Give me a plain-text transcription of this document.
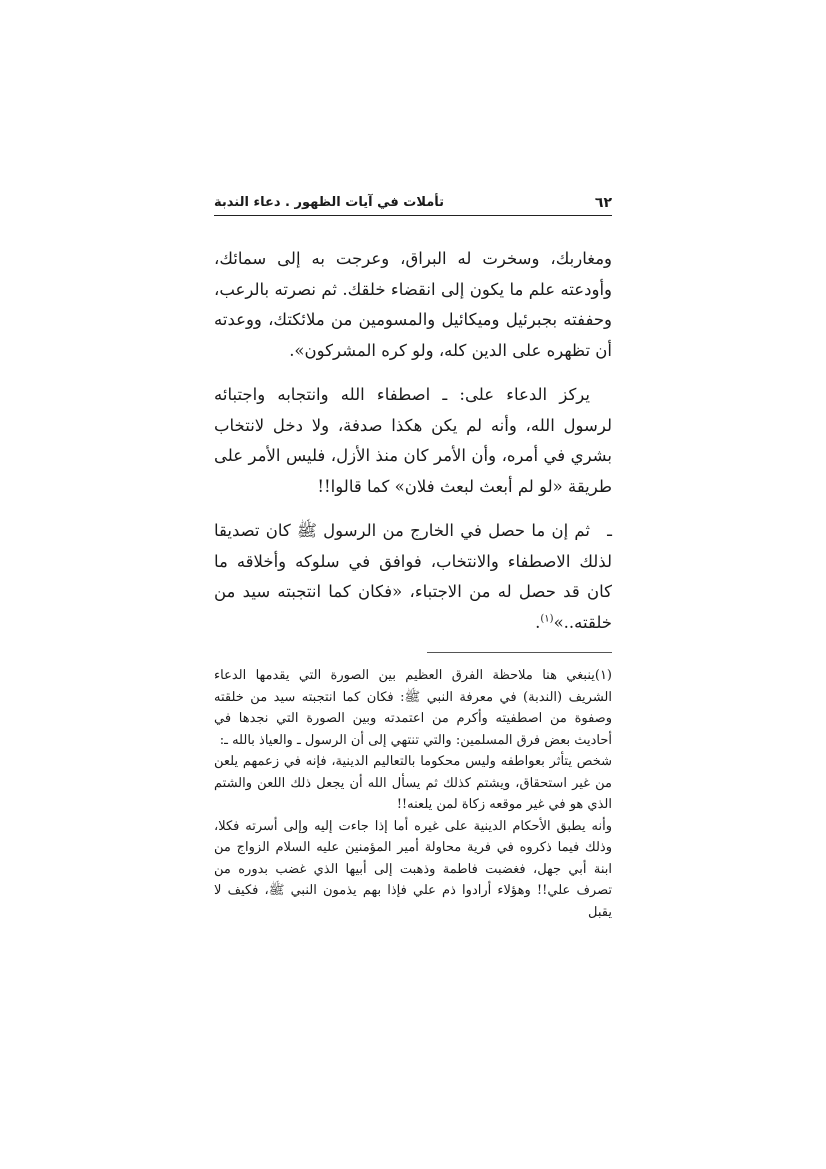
٦٢
تأملات في آيات الظهور . دعاء الندبة

ومغاربك، وسخرت له البراق، وعرجت به إلى سمائك، وأودعته علم ما يكون إلى انقضاء خلقك. ثم نصرته بالرعب، وحففته بجبرئيل وميكائيل والمسومين من ملائكتك، ووعدته أن تظهره على الدين كله، ولو كره المشركون».

يركز الدعاء على: ـ اصطفاء الله وانتجابه واجتبائه لرسول الله، وأنه لم يكن هكذا صدفة، ولا دخل لانتخاب بشري في أمره، وأن الأمر كان منذ الأزل، فليس الأمر على طريقة «لو لم أبعث لبعث فلان» كما قالوا!!

ـثم إن ما حصل في الخارج من الرسول ﷺ كان تصديقا لذلك الاصطفاء والانتخاب، فوافق في سلوكه وأخلاقه ما كان قد حصل له من الاجتباء، «فكان كما انتجبته سيد من خلقته..»$^{(١)}$.

(١)ينبغي هنا ملاحظة الفرق العظيم بين الصورة التي يقدمها الدعاء الشريف (الندبة) في معرفة النبي ﷺ: فكان كما انتجبته سيد من خلقته وصفوة من اصطفيته وأكرم من اعتمدته وبين الصورة التي نجدها في أحاديث بعض فرق المسلمين: والتي تنتهي إلى أن الرسول ـ والعياذ بالله ـ:

شخص يتأثر بعواطفه وليس محكوما بالتعاليم الدينية، فإنه في زعمهم يلعن من غير استحقاق، ويشتم كذلك ثم يسأل الله أن يجعل ذلك اللعن والشتم الذي هو في غير موقعه زكاة لمن يلعنه!!

وأنه يطبق الأحكام الدينية على غيره أما إذا جاءت إليه وإلى أسرته فكلا، وذلك فيما ذكروه في فرية محاولة أمير المؤمنين عليه السلام الزواج من ابنة أبي جهل، فغضبت فاطمة وذهبت إلى أبيها الذي غضب بدوره من تصرف علي!! وهؤلاء أرادوا ذم علي فإذا بهم يذمون النبي ﷺ، فكيف لا يقبل
